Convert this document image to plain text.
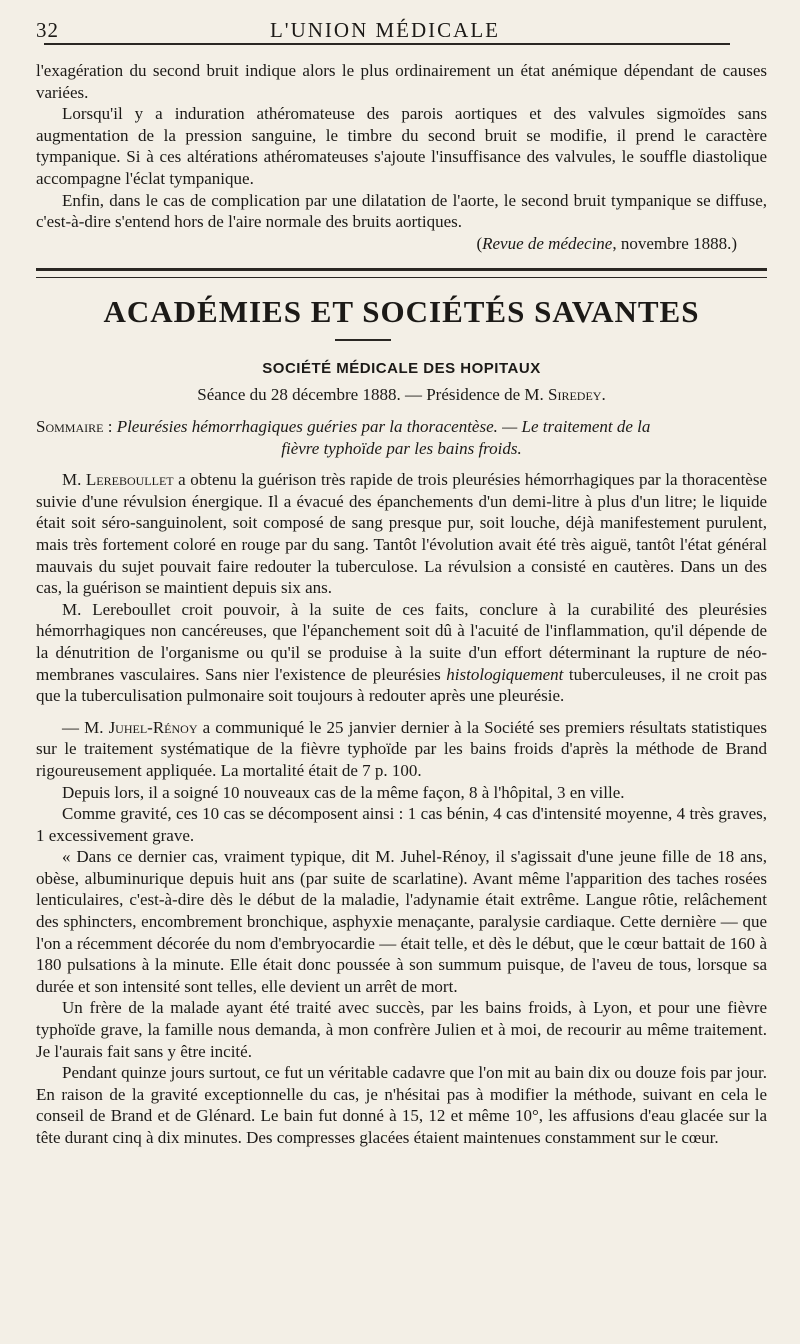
32	L'UNION MÉDICALE

l'exagération du second bruit indique alors le plus ordinairement un état anémique dépendant de causes variées.

Lorsqu'il y a induration athéromateuse des parois aortiques et des valvules sigmoïdes sans augmentation de la pression sanguine, le timbre du second bruit se modifie, il prend le caractère tympanique. Si à ces altérations athéromateuses s'ajoute l'insuffisance des valvules, le souffle diastolique accompagne l'éclat tympanique.

Enfin, dans le cas de complication par une dilatation de l'aorte, le second bruit tympanique se diffuse, c'est-à-dire s'entend hors de l'aire normale des bruits aortiques.

(Revue de médecine, novembre 1888.)

ACADÉMIES ET SOCIÉTÉS SAVANTES
SOCIÉTÉ MÉDICALE DES HOPITAUX
Séance du 28 décembre 1888. — Présidence de M. Siredey.

Sommaire : Pleurésies hémorrhagiques guéries par la thoracentèse. — Le traitement de la

fièvre typhoïde par les bains froids.

M. Lereboullet a obtenu la guérison très rapide de trois pleurésies hémorrhagiques par la thoracentèse suivie d'une révulsion énergique. Il a évacué des épanchements d'un demi-litre à plus d'un litre; le liquide était soit séro-sanguinolent, soit composé de sang presque pur, soit louche, déjà manifestement purulent, mais très fortement coloré en rouge par du sang. Tantôt l'évolution avait été très aiguë, tantôt l'état général mauvais du sujet pouvait faire redouter la tuberculose. La révulsion a consisté en cautères. Dans un des cas, la guérison se maintient depuis six ans.

M. Lereboullet croit pouvoir, à la suite de ces faits, conclure à la curabilité des pleurésies hémorrhagiques non cancéreuses, que l'épanchement soit dû à l'acuité de l'inflammation, qu'il dépende de la dénutrition de l'organisme ou qu'il se produise à la suite d'un effort déterminant la rupture de néo-membranes vasculaires. Sans nier l'existence de pleurésies histologiquement tuberculeuses, il ne croit pas que la tuberculisation pulmonaire soit toujours à redouter après une pleurésie.

— M. Juhel-Rénoy a communiqué le 25 janvier dernier à la Société ses premiers résultats statistiques sur le traitement systématique de la fièvre typhoïde par les bains froids d'après la méthode de Brand rigoureusement appliquée. La mortalité était de 7 p. 100.

Depuis lors, il a soigné 10 nouveaux cas de la même façon, 8 à l'hôpital, 3 en ville.

Comme gravité, ces 10 cas se décomposent ainsi : 1 cas bénin, 4 cas d'intensité moyenne, 4 très graves, 1 excessivement grave.

« Dans ce dernier cas, vraiment typique, dit M. Juhel-Rénoy, il s'agissait d'une jeune fille de 18 ans, obèse, albuminurique depuis huit ans (par suite de scarlatine). Avant même l'apparition des taches rosées lenticulaires, c'est-à-dire dès le début de la maladie, l'adynamie était extrême. Langue rôtie, relâchement des sphincters, encombrement bronchique, asphyxie menaçante, paralysie cardiaque. Cette dernière — que l'on a récemment décorée du nom d'embryocardie — était telle, et dès le début, que le cœur battait de 160 à 180 pulsations à la minute. Elle était donc poussée à son summum puisque, de l'aveu de tous, lorsque sa durée et son intensité sont telles, elle devient un arrêt de mort.

Un frère de la malade ayant été traité avec succès, par les bains froids, à Lyon, et pour une fièvre typhoïde grave, la famille nous demanda, à mon confrère Julien et à moi, de recourir au même traitement. Je l'aurais fait sans y être incité.

Pendant quinze jours surtout, ce fut un véritable cadavre que l'on mit au bain dix ou douze fois par jour. En raison de la gravité exceptionnelle du cas, je n'hésitai pas à modifier la méthode, suivant en cela le conseil de Brand et de Glénard. Le bain fut donné à 15, 12 et même 10°, les affusions d'eau glacée sur la tête durant cinq à dix minutes. Des compresses glacées étaient maintenues constamment sur le cœur.
